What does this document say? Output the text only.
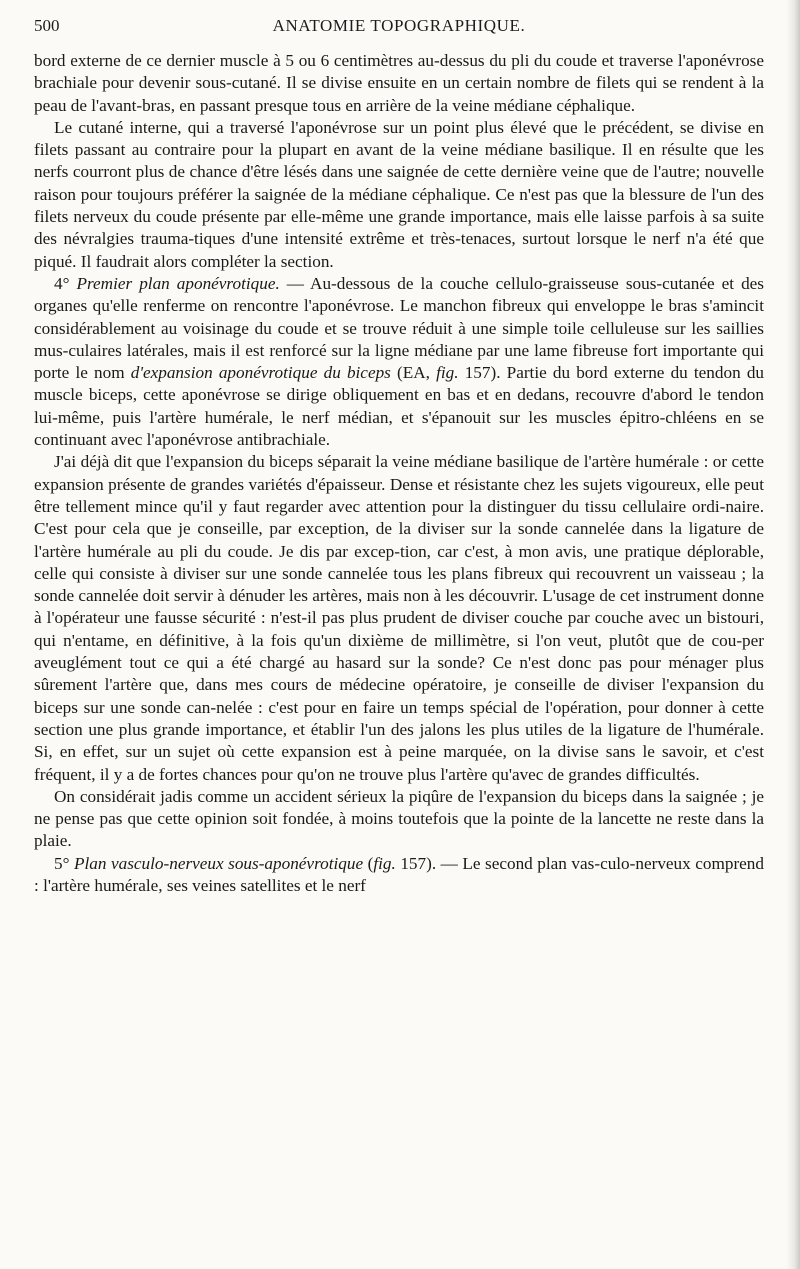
500	ANATOMIE TOPOGRAPHIQUE.

bord externe de ce dernier muscle à 5 ou 6 centimètres au-dessus du pli du coude et traverse l'aponévrose brachiale pour devenir sous-cutané. Il se divise ensuite en un certain nombre de filets qui se rendent à la peau de l'avant-bras, en passant presque tous en arrière de la veine médiane céphalique.

Le cutané interne, qui a traversé l'aponévrose sur un point plus élevé que le précédent, se divise en filets passant au contraire pour la plupart en avant de la veine médiane basilique. Il en résulte que les nerfs courront plus de chance d'être lésés dans une saignée de cette dernière veine que de l'autre; nouvelle raison pour toujours préférer la saignée de la médiane céphalique. Ce n'est pas que la blessure de l'un des filets nerveux du coude présente par elle-même une grande importance, mais elle laisse parfois à sa suite des névralgies trauma-tiques d'une intensité extrême et très-tenaces, surtout lorsque le nerf n'a été que piqué. Il faudrait alors compléter la section.

4° Premier plan aponévrotique. — Au-dessous de la couche cellulo-graisseuse sous-cutanée et des organes qu'elle renferme on rencontre l'aponévrose. Le manchon fibreux qui enveloppe le bras s'amincit considérablement au voisinage du coude et se trouve réduit à une simple toile celluleuse sur les saillies mus-culaires latérales, mais il est renforcé sur la ligne médiane par une lame fibreuse fort importante qui porte le nom d'expansion aponévrotique du biceps (EA, fig. 157). Partie du bord externe du tendon du muscle biceps, cette aponévrose se dirige obliquement en bas et en dedans, recouvre d'abord le tendon lui-même, puis l'artère humérale, le nerf médian, et s'épanouit sur les muscles épitro-chléens en se continuant avec l'aponévrose antibrachiale.

J'ai déjà dit que l'expansion du biceps séparait la veine médiane basilique de l'artère humérale : or cette expansion présente de grandes variétés d'épaisseur. Dense et résistante chez les sujets vigoureux, elle peut être tellement mince qu'il y faut regarder avec attention pour la distinguer du tissu cellulaire ordi-naire. C'est pour cela que je conseille, par exception, de la diviser sur la sonde cannelée dans la ligature de l'artère humérale au pli du coude. Je dis par excep-tion, car c'est, à mon avis, une pratique déplorable, celle qui consiste à diviser sur une sonde cannelée tous les plans fibreux qui recouvrent un vaisseau ; la sonde cannelée doit servir à dénuder les artères, mais non à les découvrir. L'usage de cet instrument donne à l'opérateur une fausse sécurité : n'est-il pas plus prudent de diviser couche par couche avec un bistouri, qui n'entame, en définitive, à la fois qu'un dixième de millimètre, si l'on veut, plutôt que de cou-per aveuglément tout ce qui a été chargé au hasard sur la sonde? Ce n'est donc pas pour ménager plus sûrement l'artère que, dans mes cours de médecine opératoire, je conseille de diviser l'expansion du biceps sur une sonde can-nelée : c'est pour en faire un temps spécial de l'opération, pour donner à cette section une plus grande importance, et établir l'un des jalons les plus utiles de la ligature de l'humérale. Si, en effet, sur un sujet où cette expansion est à peine marquée, on la divise sans le savoir, et c'est fréquent, il y a de fortes chances pour qu'on ne trouve plus l'artère qu'avec de grandes difficultés.

On considérait jadis comme un accident sérieux la piqûre de l'expansion du biceps dans la saignée ; je ne pense pas que cette opinion soit fondée, à moins toutefois que la pointe de la lancette ne reste dans la plaie.

5° Plan vasculo-nerveux sous-aponévrotique (fig. 157). — Le second plan vas-culo-nerveux comprend : l'artère humérale, ses veines satellites et le nerf
